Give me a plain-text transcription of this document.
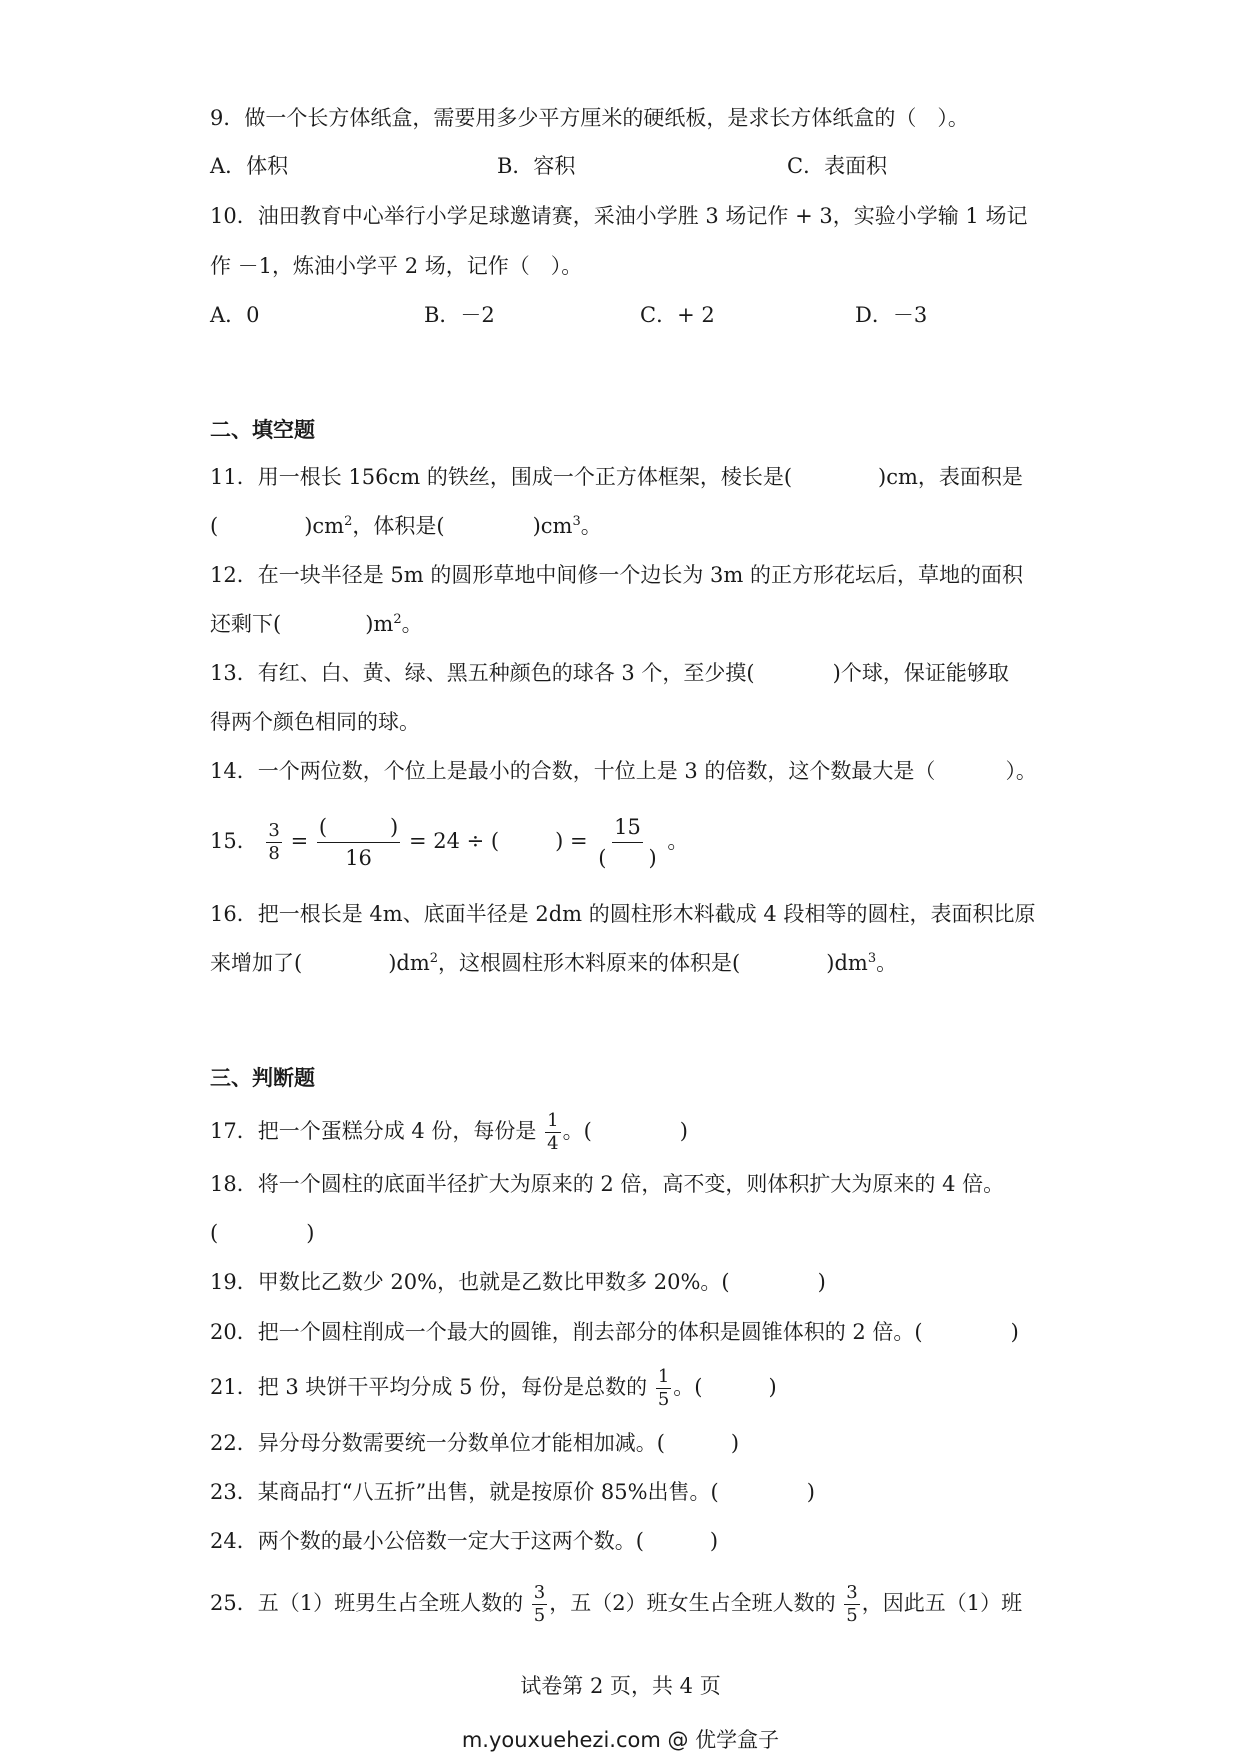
9．做一个长方体纸盒，需要用多少平方厘米的硬纸板，是求长方体纸盒的（　）。
A．体积	B．容积	C．表面积
10．油田教育中心举行小学足球邀请赛，采油小学胜 3 场记作 + 3，实验小学输 1 场记
作 －1，炼油小学平 2 场，记作（　）。
A．0	B．－2	C．+ 2	D．－3
二、填空题
11．用一根长 156cm 的铁丝，围成一个正方体框架，棱长是(	)cm，表面积是
(	)$cm^2$，体积是(	)$cm^3$。
12．在一块半径是 5m 的圆形草地中间修一个边长为 3m 的正方形花坛后，草地的面积
还剩下(	)$m^2$。
13．有红、白、黄、绿、黑五种颜色的球各 3 个，至少摸(	)个球，保证能够取
得两个颜色相同的球。
14．一个两位数，个位上是最小的合数，十位上是 3 的倍数，这个数最大是（	）。
15． $\frac{3}{8} = \frac{( )}{16} = 24$ ÷ (	) = $\frac{15}{( )}$ 。
16．把一根长是 4m、底面半径是 2dm 的圆柱形木料截成 4 段相等的圆柱，表面积比原
来增加了(	)$dm^2$，这根圆柱形木料原来的体积是(	)$dm^3$。
三、判断题
17．把一个蛋糕分成 4 份，每份是 $\frac{1}{4}$ 。(	)
18．将一个圆柱的底面半径扩大为原来的 2 倍，高不变，则体积扩大为原来的 4 倍。
(	)
19．甲数比乙数少 20%，也就是乙数比甲数多 20%。(	)
20．把一个圆柱削成一个最大的圆锥，削去部分的体积是圆锥体积的 2 倍。(	)
21．把 3 块饼干平均分成 5 份，每份是总数的 $\frac{1}{5}$ 。(	)
22．异分母分数需要统一分数单位才能相加减。(	)
23．某商品打“八五折”出售，就是按原价 85%出售。(	)
24．两个数的最小公倍数一定大于这两个数。(	)
25．五（1）班男生占全班人数的 $\frac{3}{5}$ ，五（2）班女生占全班人数的 $\frac{3}{5}$ ，因此五（1）班
试卷第 2 页，共 4 页
m.youxuehezi.com @ 优学盒子
